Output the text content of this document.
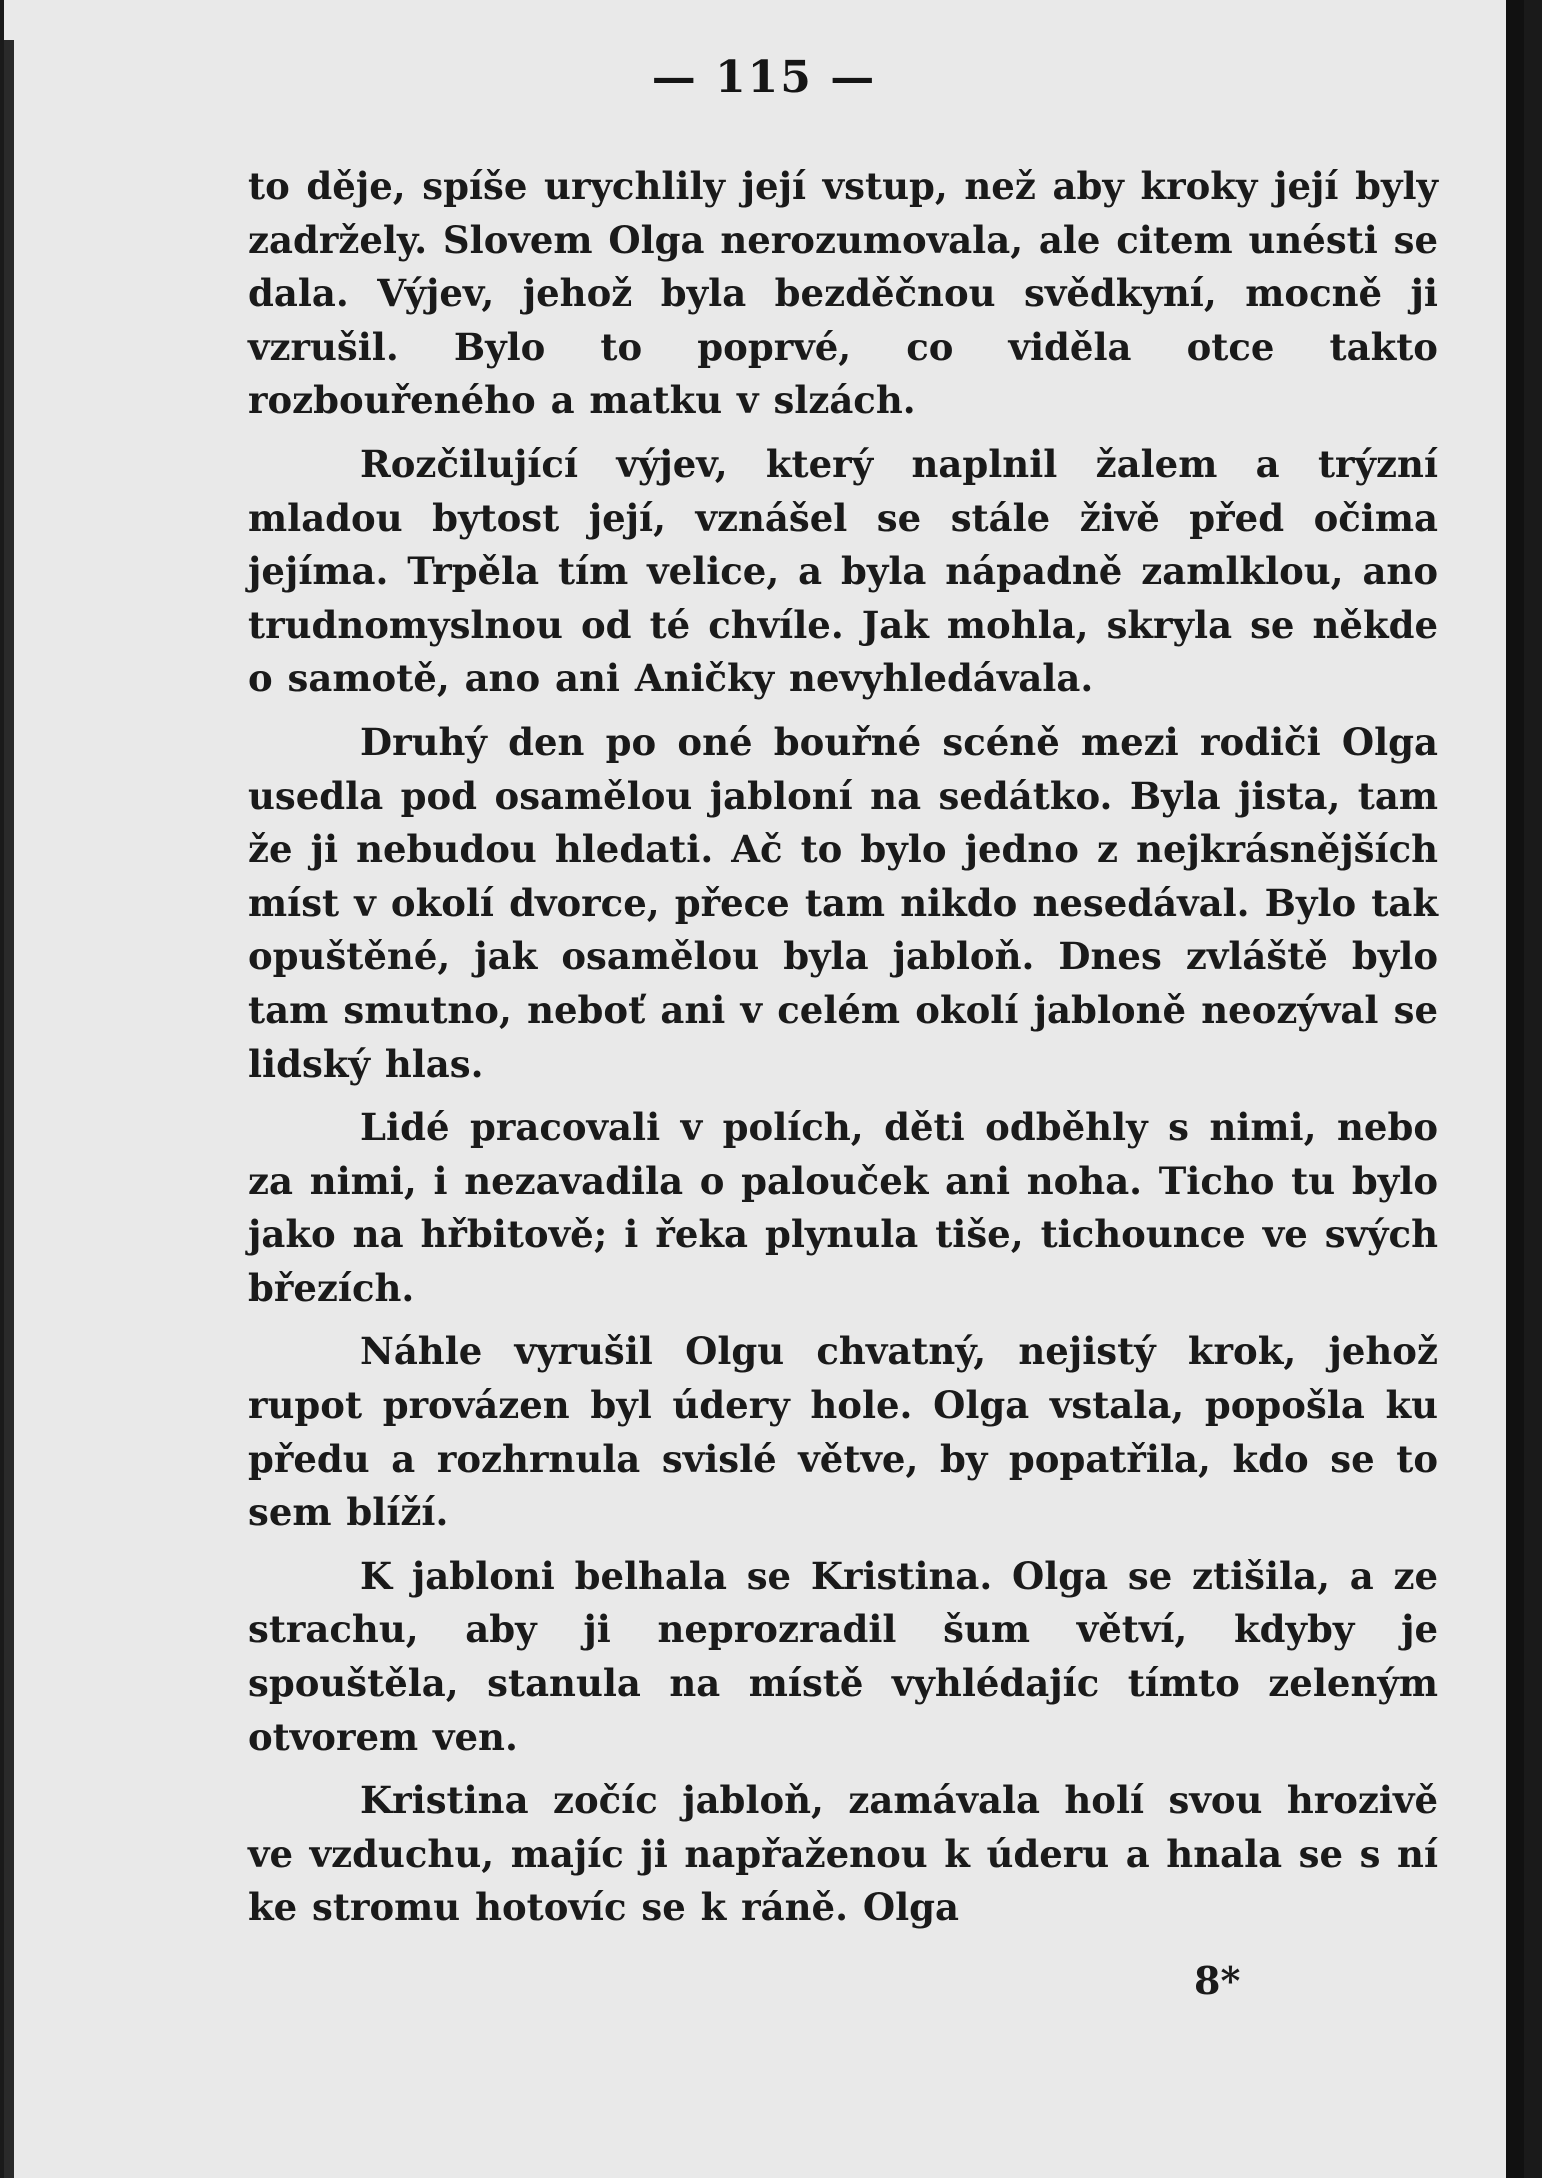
— 115 —

to děje, spíše urychlily její vstup, než aby kroky její byly zadržely. Slovem Olga nerozumovala, ale citem unésti se dala. Výjev, jehož byla bezděčnou svědkyní, mocně ji vzrušil. Bylo to poprvé, co viděla otce takto rozbouřeného a matku v slzách.

Rozčilující výjev, který naplnil žalem a trýzní mladou bytost její, vznášel se stále živě před očima jejíma. Trpěla tím velice, a byla nápadně zamlklou, ano trudnomyslnou od té chvíle. Jak mohla, skryla se někde o samotě, ano ani Aničky nevyhledávala.

Druhý den po oné bouřné scéně mezi rodiči Olga usedla pod osamělou jabloní na sedátko. Byla jista, tam že ji nebudou hledati. Ač to bylo jedno z nejkrásnějších míst v okolí dvorce, přece tam nikdo nesedával. Bylo tak opuštěné, jak osamělou byla jabloň. Dnes zvláště bylo tam smutno, neboť ani v celém okolí jabloně neozýval se lidský hlas.

Lidé pracovali v polích, děti odběhly s nimi, nebo za nimi, i nezavadila o palouček ani noha. Ticho tu bylo jako na hřbitově; i řeka plynula tiše, tichounce ve svých březích.

Náhle vyrušil Olgu chvatný, nejistý krok, jehož rupot provázen byl údery hole. Olga vstala, popošla ku předu a rozhrnula svislé větve, by popatřila, kdo se to sem blíží.

K jabloni belhala se Kristina. Olga se ztišila, a ze strachu, aby ji neprozradil šum větví, kdyby je spouštěla, stanula na místě vyhlédajíc tímto zeleným otvorem ven.

Kristina zočíc jabloň, zamávala holí svou hrozivě ve vzduchu, majíc ji napřaženou k úderu a hnala se s ní ke stromu hotovíc se k ráně. Olga

8*
